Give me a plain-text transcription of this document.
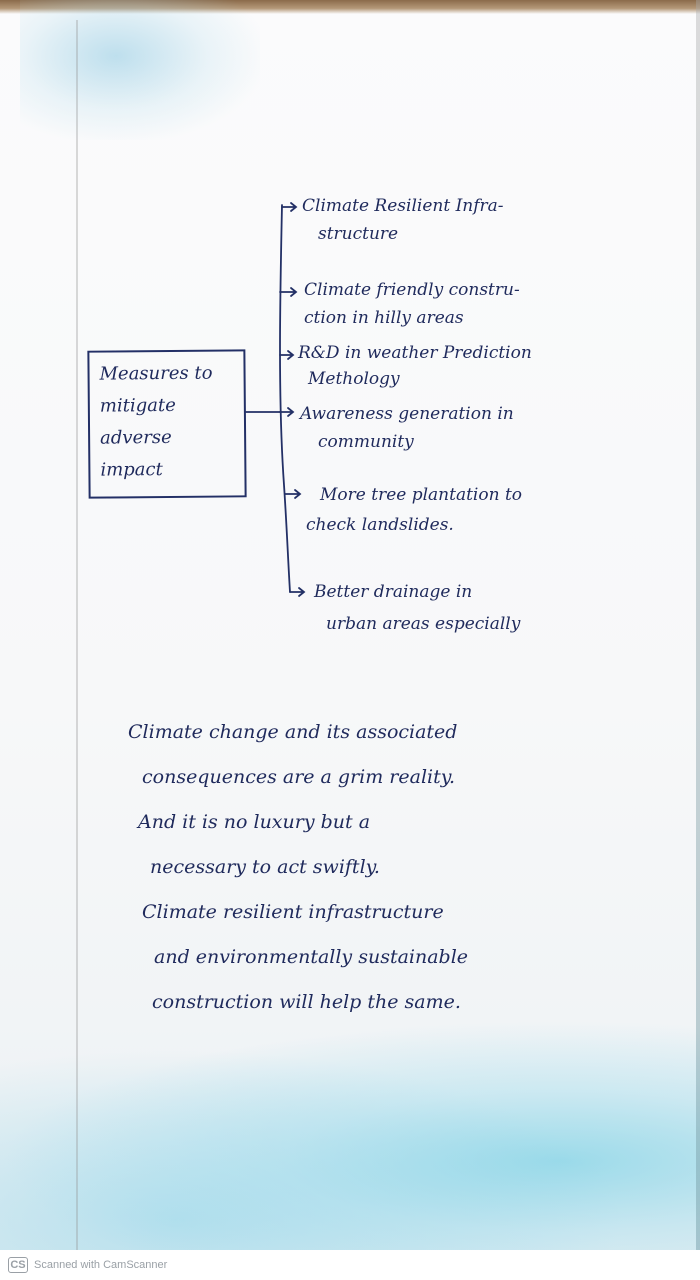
Measures to
mitigate
adverse
impact
Climate Resilient Infra-
structure
Climate friendly constru-
ction in hilly areas
R&D in weather Prediction
Methology
Awareness generation in
community
More tree plantation to
check landslides.
Better drainage in
urban areas especially
Climate change and its associated
consequences are a grim reality.
And it is no luxury but a
necessary to act swiftly.
Climate resilient infrastructure
and environmentally sustainable
construction will help the same.
CS Scanned with CamScanner
